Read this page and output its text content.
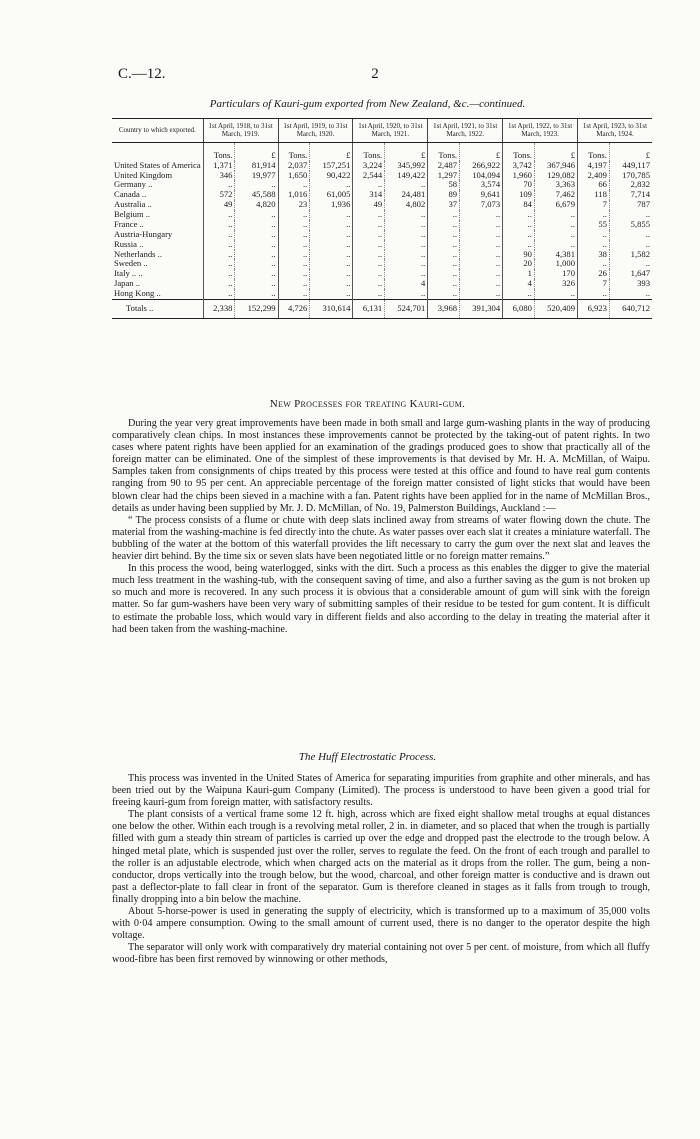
C.—12.	2
Particulars of Kauri-gum exported from New Zealand, &c.—continued.
Country to which exported.	1st April, 1918, to 31st March, 1919.		1st April, 1919, to 31st March, 1920.		1st April, 1920, to 31st March, 1921.		1st April, 1921, to 31st March, 1922.		1st April, 1922, to 31st March, 1923.		1st April, 1923, to 31st March, 1924.	
	Tons.	£	Tons.	£	Tons.	£	Tons.	£	Tons.	£	Tons.	£
United States of America	1,371	81,914	2,037	157,251	3,224	345,992	2,487	266,922	3,742	367,946	4,197	449,117
United Kingdom	346	19,977	1,650	90,422	2,544	149,422	1,297	104,094	1,960	129,082	2,409	170,785
Germany ..	..	..	..	..	..	..	58	3,574	70	3,363	66	2,832
Canada ..	572	45,588	1,016	61,005	314	24,481	89	9,641	109	7,462	118	7,714
Australia ..	49	4,820	23	1,936	49	4,802	37	7,073	84	6,679	7	787
Belgium ..	..	..	..	..	..	..	..	..	..	..	..	..
France ..	..	..	..	..	..	..	..	..	..	..	55	5,855
Austria-Hungary	..	..	..	..	..	..	..	..	..	..	..	..
Russia ..	..	..	..	..	..	..	..	..	..	..	..	..
Netherlands ..	..	..	..	..	..	..	..	..	90	4,381	38	1,582
Sweden ..	..	..	..	..	..	..	..	..	20	1,000	..	..
Italy .. ..	..	..	..	..	..	..	..	..	1	170	26	1,647
Japan ..	..	..	..	..	..	4	..	..	4	326	7	393
Hong Kong ..	..	..	..	..	..	..	..	..	..	..	..	..
Totals ..	2,338	152,299	4,726	310,614	6,131	524,701	3,968	391,304	6,080	520,409	6,923	640,712
New Processes for treating Kauri-gum.

During the year very great improvements have been made in both small and large gum-washing plants in the way of producing comparatively clean chips. In most instances these improvements cannot be protected by the taking-out of patent rights. In two cases where patent rights have been applied for an examination of the gradings produced goes to show that practically all of the foreign matter can be eliminated. One of the simplest of these improvements is that devised by Mr. H. A. McMillan, of Waipu. Samples taken from consignments of chips treated by this process were tested at this office and found to have real gum contents ranging from 90 to 95 per cent. An appreciable percentage of the foreign matter consisted of light sticks that would have been blown clear had the chips been sieved in a machine with a fan. Patent rights have been applied for in the name of McMillan Bros., details as under having been supplied by Mr. J. D. McMillan, of No. 19, Palmerston Buildings, Auckland :—

“ The process consists of a flume or chute with deep slats inclined away from streams of water flowing down the chute. The material from the washing-machine is fed directly into the chute. As water passes over each slat it creates a miniature waterfall. The bubbling of the water at the bottom of this waterfall provides the lift necessary to carry the gum over the next slat and leaves the heavier dirt behind. By the time six or seven slats have been negotiated little or no foreign matter remains.”

In this process the wood, being waterlogged, sinks with the dirt. Such a process as this enables the digger to give the material much less treatment in the washing-tub, with the consequent saving of time, and also a further saving as the gum is not broken up so much and more is recovered. In any such process it is obvious that a considerable amount of gum will sink with the foreign matter. So far gum-washers have been very wary of submitting samples of their residue to be tested for gum content. It is difficult to estimate the probable loss, which would vary in different fields and also according to the delay in treating the material after it had been taken from the washing-machine.

The Huff Electrostatic Process.

This process was invented in the United States of America for separating impurities from graphite and other minerals, and has been tried out by the Waipuna Kauri-gum Company (Limited). The process is understood to have been given a good trial for freeing kauri-gum from foreign matter, with satisfactory results.

The plant consists of a vertical frame some 12 ft. high, across which are fixed eight shallow metal troughs at equal distances one below the other. Within each trough is a revolving metal roller, 2 in. in diameter, and so placed that when the trough is partially filled with gum a steady thin stream of particles is carried up over the edge and dropped past the electrode to the trough below. A hinged metal plate, which is suspended just over the roller, serves to regulate the feed. On the front of each trough and parallel to the roller is an adjustable electrode, which when charged acts on the material as it drops from the roller. The gum, being a non-conductor, drops vertically into the trough below, but the wood, charcoal, and other foreign matter is conductive and is drawn out past a deflector-plate to fall clear in front of the separator. Gum is therefore cleaned in stages as it falls from trough to trough, finally dropping into a bin below the machine.

About 5-horse-power is used in generating the supply of electricity, which is transformed up to a maximum of 35,000 volts with 0·04 ampere consumption. Owing to the small amount of current used, there is no danger to the operator despite the high voltage.

The separator will only work with comparatively dry material containing not over 5 per cent. of moisture, from which all fluffy wood-fibre has been first removed by winnowing or other methods,
